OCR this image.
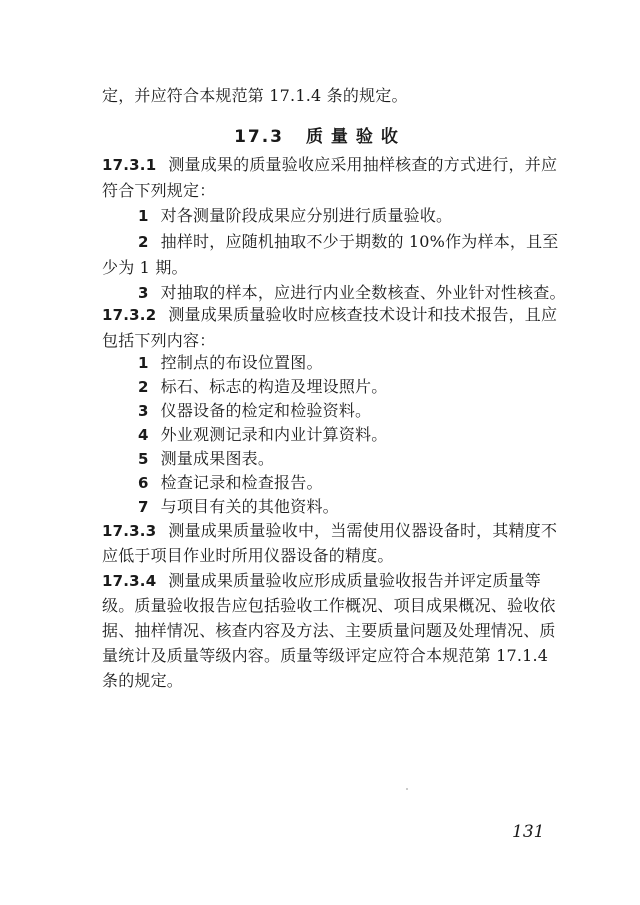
定，并应符合本规范第 17.1.4 条的规定。
17.3 质量验收
17.3.1 测量成果的质量验收应采用抽样核查的方式进行，并应
符合下列规定：
1 对各测量阶段成果应分别进行质量验收。
2 抽样时，应随机抽取不少于期数的 10%作为样本，且至
少为 1 期。
3 对抽取的样本，应进行内业全数核查、外业针对性核查。
17.3.2 测量成果质量验收时应核查技术设计和技术报告，且应
包括下列内容：
1 控制点的布设位置图。
2 标石、标志的构造及埋设照片。
3 仪器设备的检定和检验资料。
4 外业观测记录和内业计算资料。
5 测量成果图表。
6 检查记录和检查报告。
7 与项目有关的其他资料。
17.3.3 测量成果质量验收中，当需使用仪器设备时，其精度不
应低于项目作业时所用仪器设备的精度。
17.3.4 测量成果质量验收应形成质量验收报告并评定质量等
级。质量验收报告应包括验收工作概况、项目成果概况、验收依
据、抽样情况、核查内容及方法、主要质量问题及处理情况、质
量统计及质量等级内容。质量等级评定应符合本规范第 17.1.4
条的规定。
131
